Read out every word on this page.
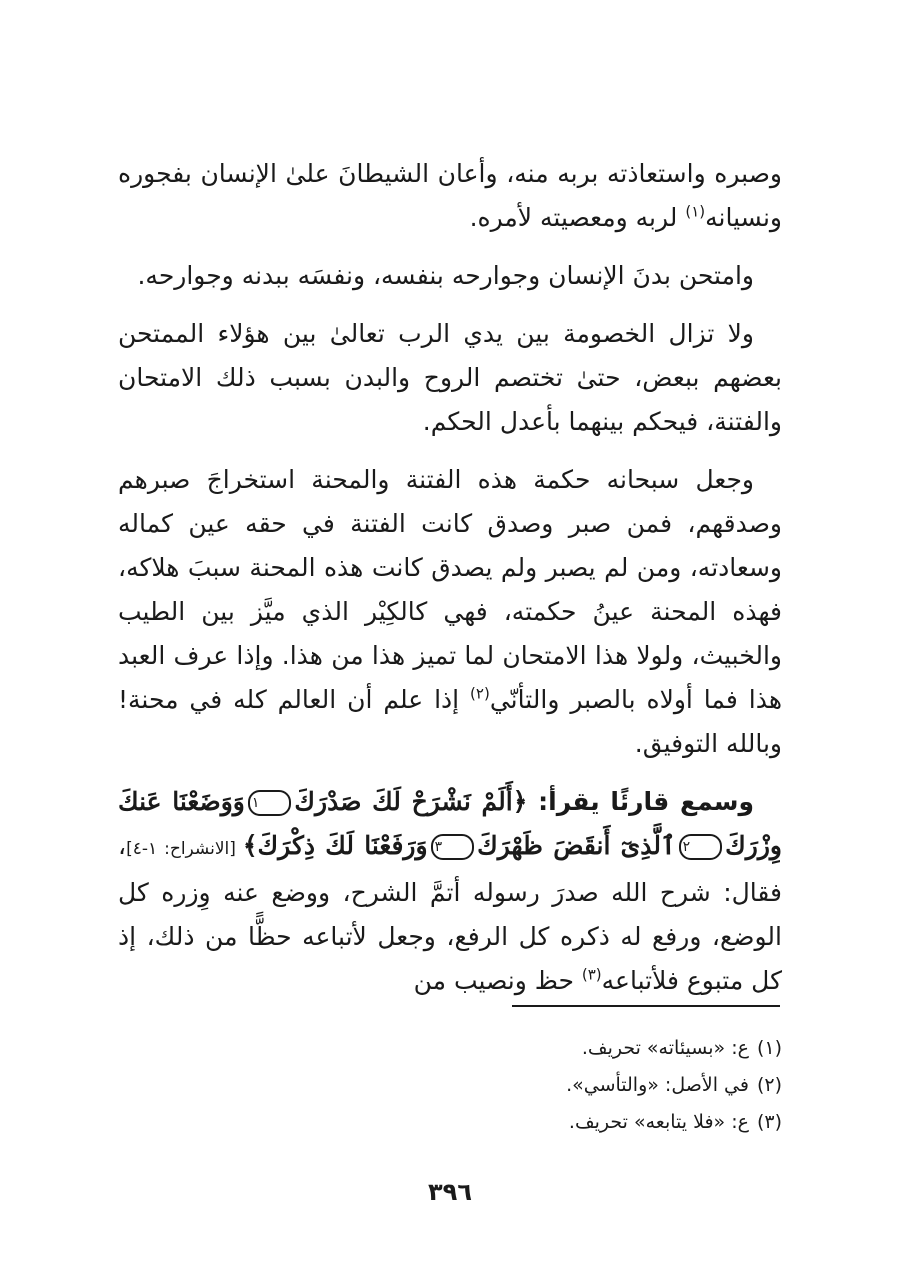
وصبره واستعاذته بربه منه، وأعان الشيطانَ علىٰ الإنسان بفجوره ونسيانه$^{(١)}$ لربه ومعصيته لأمره.

وامتحن بدنَ الإنسان وجوارحه بنفسه، ونفسَه ببدنه وجوارحه.

ولا تزال الخصومة بين يدي الرب تعالىٰ بين هؤلاء الممتحن بعضهم ببعض، حتىٰ تختصم الروح والبدن بسبب ذلك الامتحان والفتنة، فيحكم بينهما بأعدل الحكم.

وجعل سبحانه حكمة هذه الفتنة والمحنة استخراجَ صبرهم وصدقهم، فمن صبر وصدق كانت الفتنة في حقه عين كماله وسعادته، ومن لم يصبر ولم يصدق كانت هذه المحنة سببَ هلاكه، فهذه المحنة عينُ حكمته، فهي كالكِيْر الذي ميَّز بين الطيب والخبيث، ولولا هذا الامتحان لما تميز هذا من هذا. وإذا عرف العبد هذا فما أولاه بالصبر والتأنّي$^{(٢)}$ إذا علم أن العالم كله في محنة! وبالله التوفيق.

وسمع قارئًا يقرأ: ﴿أَلَمْ نَشْرَحْ لَكَ صَدْرَكَ١وَوَضَعْنَا عَنكَ وِزْرَكَ٢ٱلَّذِىٓ أَنقَضَ ظَهْرَكَ٣وَرَفَعْنَا لَكَ ذِكْرَكَ﴾ [الانشراح: ١-٤]، فقال: شرح الله صدرَ رسوله أتمَّ الشرح، ووضع عنه وِزره كل الوضع، ورفع له ذكره كل الرفع، وجعل لأتباعه حظًّا من ذلك، إذ كل متبوع فلأتباعه$^{(٣)}$ حظ ونصيب من

(١)ع: «بسيئاته» تحريف.

(٢)في الأصل: «والتأسي».

(٣)ع: «فلا يتابعه» تحريف.

٣٩٦
